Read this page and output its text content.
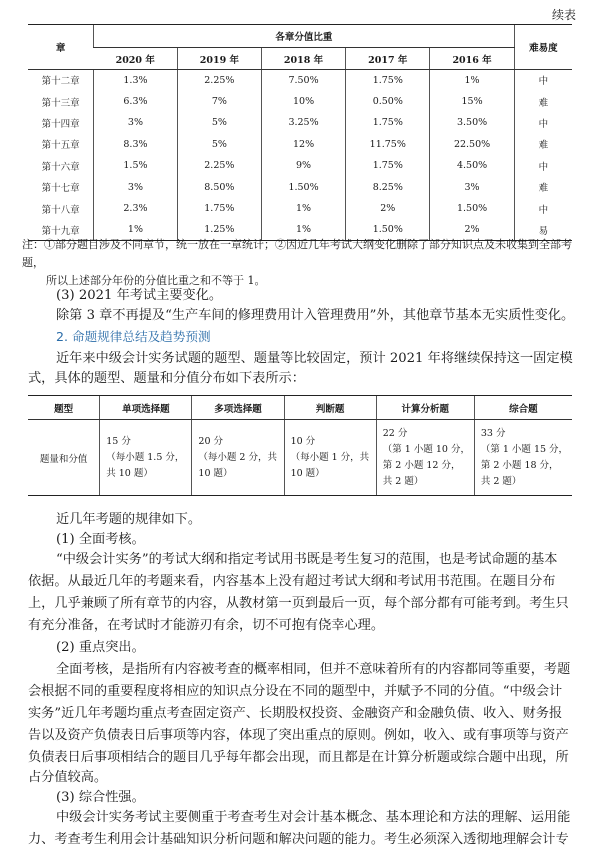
续表
章	各章分值比重					难易度
	2020 年	2019 年	2018 年	2017 年	2016 年	
第十二章	1.3%	2.25%	7.50%	1.75%	1%	中
第十三章	6.3%	7%	10%	0.50%	15%	难
第十四章	3%	5%	3.25%	1.75%	3.50%	中
第十五章	8.3%	5%	12%	11.75%	22.50%	难
第十六章	1.5%	2.25%	9%	1.75%	4.50%	中
第十七章	3%	8.50%	1.50%	8.25%	3%	难
第十八章	2.3%	1.75%	1%	2%	1.50%	中
第十九章	1%	1.25%	1%	1.50%	2%	易
注：①部分题目涉及不同章节，统一放在一章统计；②因近几年考试大纲变化删除了部分知识点及未收集到全部考题，
所以上述部分年份的分值比重之和不等于 1。
(3) 2021 年考试主要变化。
除第 3 章不再提及“生产车间的修理费用计入管理费用”外，其他章节基本无实质性变化。
2. 命题规律总结及趋势预测
近年来中级会计实务试题的题型、题量等比较固定，预计 2021 年将继续保持这一固定模
式，具体的题型、题量和分值分布如下表所示：
题型	单项选择题	多项选择题	判断题	计算分析题	综合题
题量和分值	15 分
（每小题 1.5 分，
共 10 题）	20 分
（每小题 2 分，共
10 题）	10 分
（每小题 1 分，共
10 题）	22 分
（第 1 小题 10 分，
第 2 小题 12 分，
共 2 题）	33 分
（第 1 小题 15 分，
第 2 小题 18 分，
共 2 题）
近几年考题的规律如下。
(1) 全面考核。
“中级会计实务”的考试大纲和指定考试用书既是考生复习的范围，也是考试命题的基本
依据。从最近几年的考题来看，内容基本上没有超过考试大纲和考试用书范围。在题目分布
上，几乎兼顾了所有章节的内容，从教材第一页到最后一页，每个部分都有可能考到。考生只
有充分准备，在考试时才能游刃有余，切不可抱有侥幸心理。
(2) 重点突出。
全面考核，是指所有内容被考查的概率相同，但并不意味着所有的内容都同等重要，考题
会根据不同的重要程度将相应的知识点分设在不同的题型中，并赋予不同的分值。“中级会计
实务”近几年考题均重点考查固定资产、长期股权投资、金融资产和金融负债、收入、财务报
告以及资产负债表日后事项等内容，体现了突出重点的原则。例如，收入、或有事项等与资产
负债表日后事项相结合的题目几乎每年都会出现，而且都是在计算分析题或综合题中出现，所
占分值较高。
(3) 综合性强。
中级会计实务考试主要侧重于考查考生对会计基本概念、基本理论和方法的理解、运用能
力、考查考生利用会计基础知识分析问题和解决问题的能力。考生必须深入透彻地理解会计专
